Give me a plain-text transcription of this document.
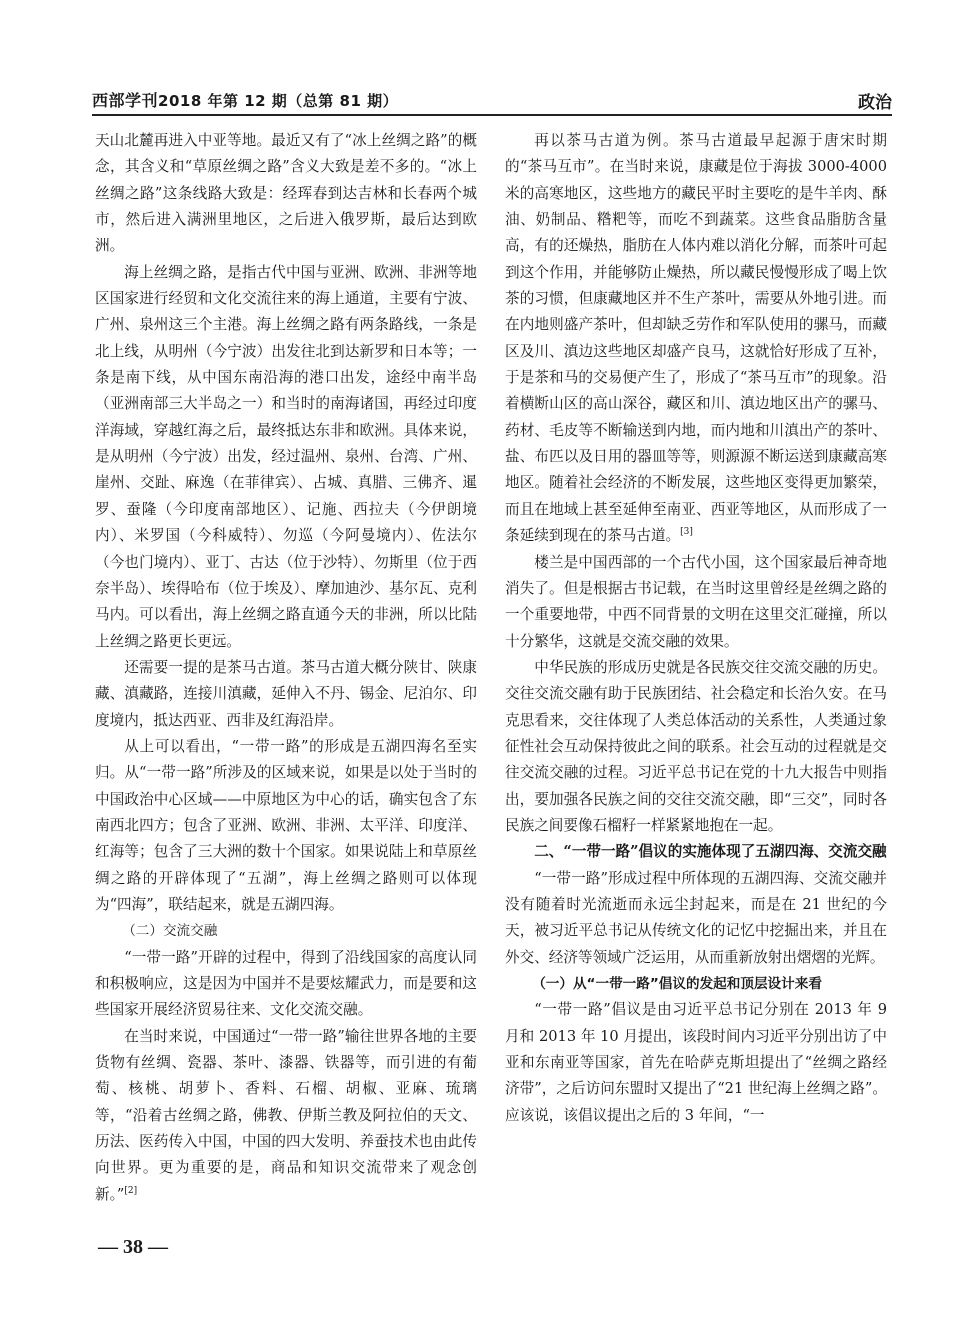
西部学刊2018 年第 12 期（总第 81 期）	政治

天山北麓再进入中亚等地。最近又有了“冰上丝绸之路”的概念，其含义和“草原丝绸之路”含义大致是差不多的。“冰上丝绸之路”这条线路大致是：经珲春到达吉林和长春两个城市，然后进入满洲里地区，之后进入俄罗斯，最后达到欧洲。

海上丝绸之路，是指古代中国与亚洲、欧洲、非洲等地区国家进行经贸和文化交流往来的海上通道，主要有宁波、广州、泉州这三个主港。海上丝绸之路有两条路线，一条是北上线，从明州（今宁波）出发往北到达新罗和日本等；一条是南下线，从中国东南沿海的港口出发，途经中南半岛（亚洲南部三大半岛之一）和当时的南海诸国，再经过印度洋海域，穿越红海之后，最终抵达东非和欧洲。具体来说，是从明州（今宁波）出发，经过温州、泉州、台湾、广州、崖州、交趾、麻逸（在菲律宾）、占城、真腊、三佛齐、暹罗、蚕隆（今印度南部地区）、记施、西拉夫（今伊朗境内）、米罗国（今科威特）、勿巡（今阿曼境内）、佐法尔（今也门境内）、亚丁、古达（位于沙特）、勿斯里（位于西奈半岛）、埃得哈布（位于埃及）、摩加迪沙、基尔瓦、克利马内。可以看出，海上丝绸之路直通今天的非洲，所以比陆上丝绸之路更长更远。

还需要一提的是茶马古道。茶马古道大概分陕甘、陕康藏、滇藏路，连接川滇藏，延伸入不丹、锡金、尼泊尔、印度境内，抵达西亚、西非及红海沿岸。

从上可以看出，“一带一路”的形成是五湖四海名至实归。从“一带一路”所涉及的区域来说，如果是以处于当时的中国政治中心区域——中原地区为中心的话，确实包含了东南西北四方；包含了亚洲、欧洲、非洲、太平洋、印度洋、红海等；包含了三大洲的数十个国家。如果说陆上和草原丝绸之路的开辟体现了“五湖”，海上丝绸之路则可以体现为“四海”，联结起来，就是五湖四海。

（二）交流交融

“一带一路”开辟的过程中，得到了沿线国家的高度认同和积极响应，这是因为中国并不是要炫耀武力，而是要和这些国家开展经济贸易往来、文化交流交融。

在当时来说，中国通过“一带一路”输往世界各地的主要货物有丝绸、瓷器、茶叶、漆器、铁器等，而引进的有葡萄、核桃、胡萝卜、香料、石榴、胡椒、亚麻、琉璃等，“沿着古丝绸之路，佛教、伊斯兰教及阿拉伯的天文、历法、医药传入中国，中国的四大发明、养蚕技术也由此传向世界。更为重要的是，商品和知识交流带来了观念创新。”[2]

再以茶马古道为例。茶马古道最早起源于唐宋时期的“茶马互市”。在当时来说，康藏是位于海拔 3000-4000 米的高寒地区，这些地方的藏民平时主要吃的是牛羊肉、酥油、奶制品、糌粑等，而吃不到蔬菜。这些食品脂肪含量高，有的还燥热，脂肪在人体内难以消化分解，而茶叶可起到这个作用，并能够防止燥热，所以藏民慢慢形成了喝上饮茶的习惯，但康藏地区并不生产茶叶，需要从外地引进。而在内地则盛产茶叶，但却缺乏劳作和军队使用的骡马，而藏区及川、滇边这些地区却盛产良马，这就恰好形成了互补，于是茶和马的交易便产生了，形成了“茶马互市”的现象。沿着横断山区的高山深谷，藏区和川、滇边地区出产的骡马、药材、毛皮等不断输送到内地，而内地和川滇出产的茶叶、盐、布匹以及日用的器皿等等，则源源不断运送到康藏高寒地区。随着社会经济的不断发展，这些地区变得更加繁荣，而且在地域上甚至延伸至南亚、西亚等地区，从而形成了一条延续到现在的茶马古道。[3]

楼兰是中国西部的一个古代小国，这个国家最后神奇地消失了。但是根据古书记载，在当时这里曾经是丝绸之路的一个重要地带，中西不同背景的文明在这里交汇碰撞，所以十分繁华，这就是交流交融的效果。

中华民族的形成历史就是各民族交往交流交融的历史。交往交流交融有助于民族团结、社会稳定和长治久安。在马克思看来，交往体现了人类总体活动的关系性，人类通过象征性社会互动保持彼此之间的联系。社会互动的过程就是交往交流交融的过程。习近平总书记在党的十九大报告中则指出，要加强各民族之间的交往交流交融，即“三交”，同时各民族之间要像石榴籽一样紧紧地抱在一起。

二、“一带一路”倡议的实施体现了五湖四海、交流交融

“一带一路”形成过程中所体现的五湖四海、交流交融并没有随着时光流逝而永远尘封起来，而是在 21 世纪的今天，被习近平总书记从传统文化的记忆中挖掘出来，并且在外交、经济等领域广泛运用，从而重新放射出熠熠的光辉。

（一）从“一带一路”倡议的发起和顶层设计来看

“一带一路”倡议是由习近平总书记分别在 2013 年 9 月和 2013 年 10 月提出，该段时间内习近平分别出访了中亚和东南亚等国家，首先在哈萨克斯坦提出了“丝绸之路经济带”，之后访问东盟时又提出了“21 世纪海上丝绸之路”。应该说，该倡议提出之后的 3 年间，“一

— 38 —
